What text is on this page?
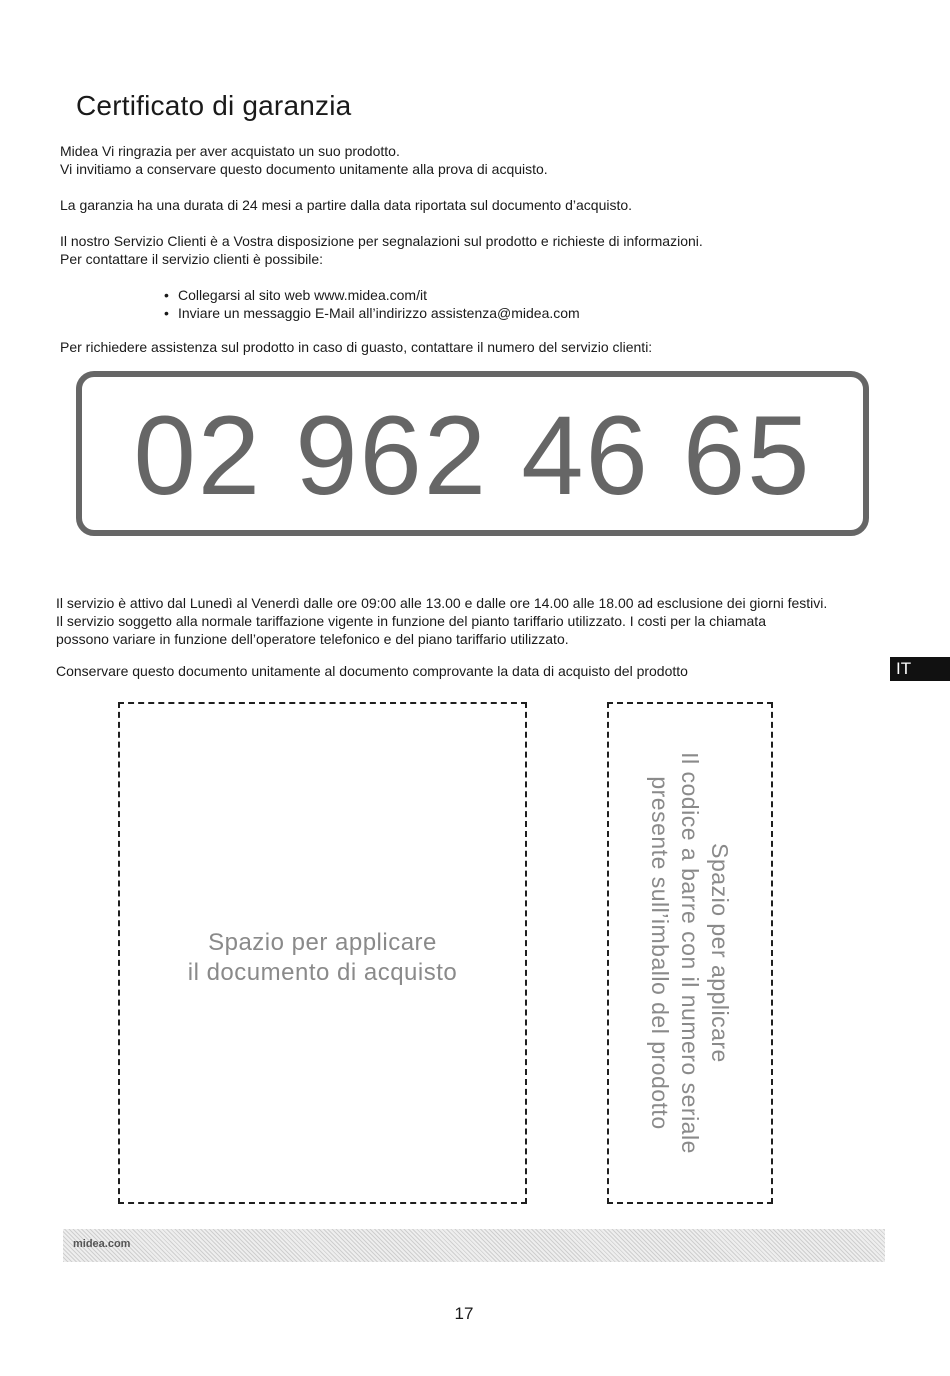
Certificato di garanzia
Midea Vi ringrazia per aver acquistato un suo prodotto.
Vi invitiamo a conservare questo documento unitamente alla prova di acquisto.
La garanzia ha una durata di 24 mesi a partire dalla data riportata sul documento d’acquisto.
Il nostro Servizio Clienti è a Vostra disposizione per segnalazioni sul prodotto e richieste di informazioni.
Per contattare il servizio clienti è possibile:
• Collegarsi al sito web www.midea.com/it
• Inviare un messaggio E-Mail all’indirizzo assistenza@midea.com
Per richiedere assistenza sul prodotto in caso di guasto, contattare il numero del servizio clienti:
02 962 46 65
Il servizio è attivo dal Lunedì al Venerdì dalle ore 09:00 alle 13.00 e dalle ore 14.00 alle 18.00 ad esclusione dei giorni festivi.
Il servizio soggetto alla normale tariffazione vigente in funzione del pianto tariffario utilizzato. I costi per la chiamata
possono variare in funzione dell’operatore telefonico e del piano tariffario utilizzato.
Conservare questo documento unitamente al documento comprovante la data di acquisto del prodotto	IT
Spazio per applicare
il documento di acquisto	Spazio per applicare
Il codice a barre con il numero seriale
presente sull’imballo del prodotto
midea.com
17
